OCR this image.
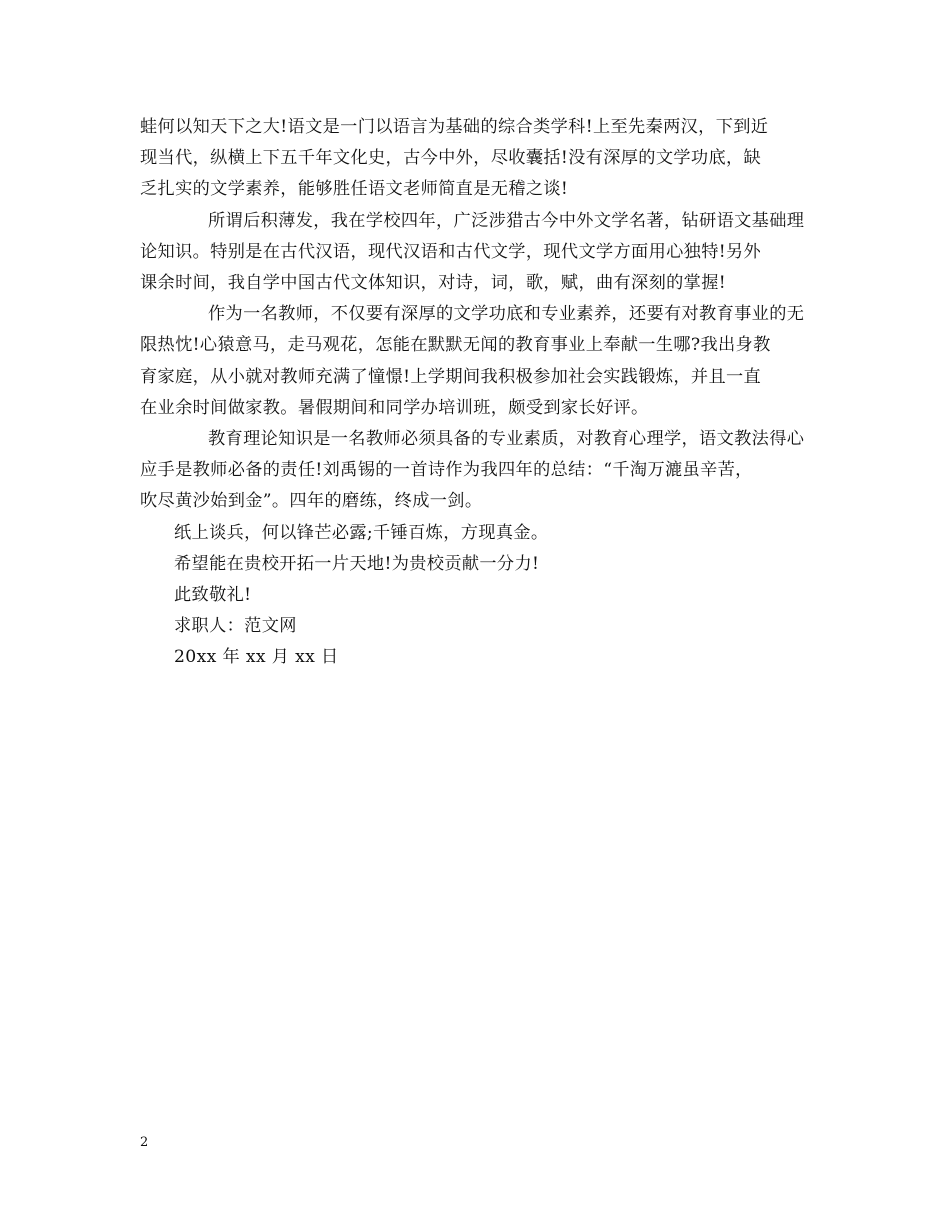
蛙何以知天下之大!语文是一门以语言为基础的综合类学科!上至先秦两汉，下到近
现当代，纵横上下五千年文化史，古今中外，尽收囊括!没有深厚的文学功底，缺
乏扎实的文学素养，能够胜任语文老师简直是无稽之谈!

所谓后积薄发，我在学校四年，广泛涉猎古今中外文学名著，钻研语文基础理
论知识。特别是在古代汉语，现代汉语和古代文学，现代文学方面用心独特!另外
课余时间，我自学中国古代文体知识，对诗，词，歌，赋，曲有深刻的掌握!

作为一名教师，不仅要有深厚的文学功底和专业素养，还要有对教育事业的无
限热忱!心猿意马，走马观花，怎能在默默无闻的教育事业上奉献一生哪?我出身教
育家庭，从小就对教师充满了憧憬!上学期间我积极参加社会实践锻炼，并且一直
在业余时间做家教。暑假期间和同学办培训班，颇受到家长好评。

教育理论知识是一名教师必须具备的专业素质，对教育心理学，语文教法得心
应手是教师必备的责任!刘禹锡的一首诗作为我四年的总结：“千淘万漉虽辛苦，
吹尽黄沙始到金”。四年的磨练，终成一剑。

纸上谈兵，何以锋芒必露;千锤百炼，方现真金。

希望能在贵校开拓一片天地!为贵校贡献一分力!

此致敬礼!

求职人：范文网

20xx 年 xx 月 xx 日

2
